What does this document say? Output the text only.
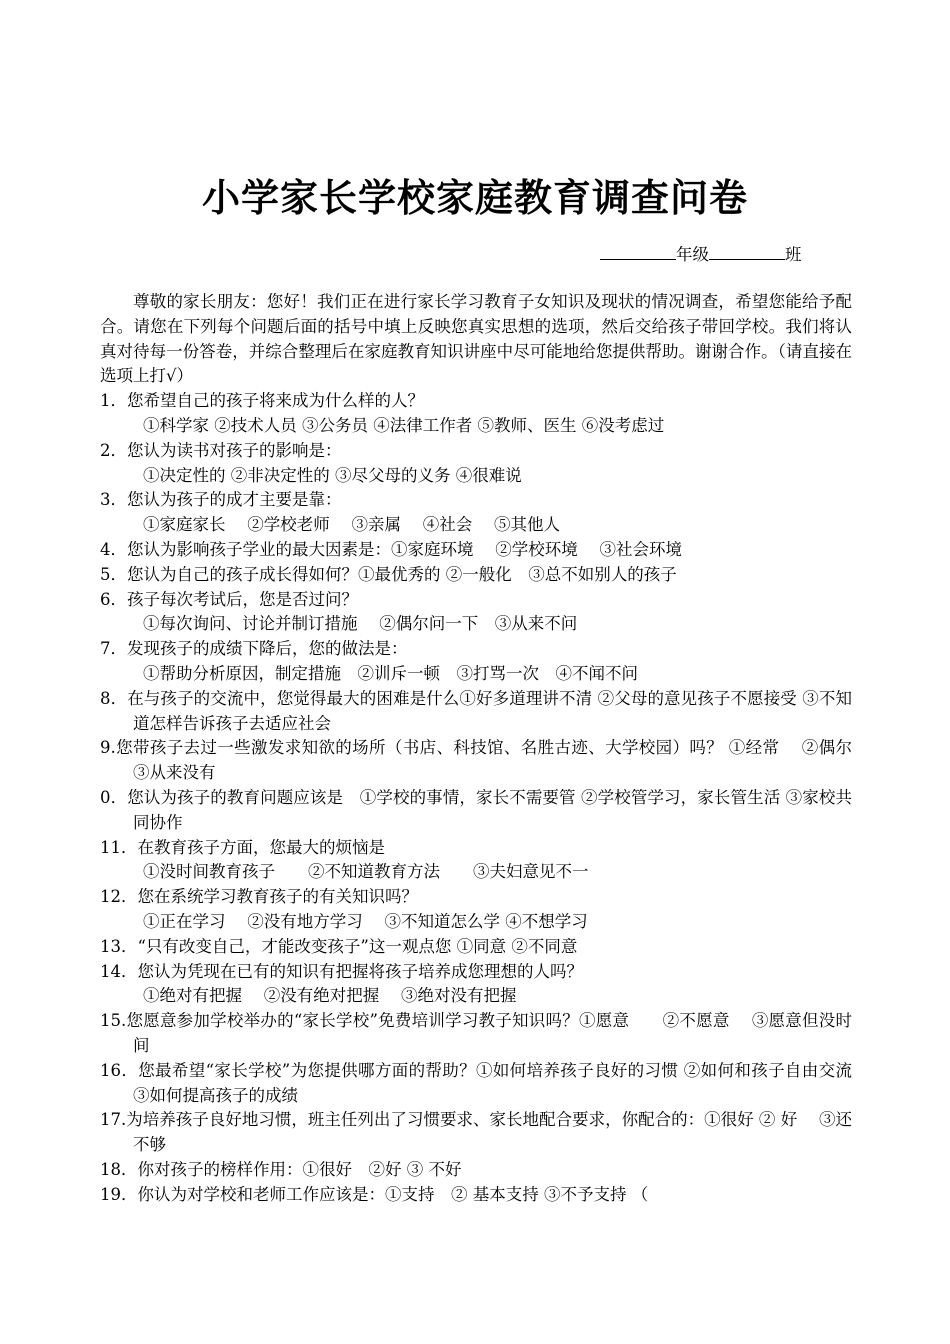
小学家长学校家庭教育调查问卷
年级	班

尊敬的家长朋友：您好！我们正在进行家长学习教育子女知识及现状的情况调查，希望您能给予配合。请您在下列每个问题后面的括号中填上反映您真实思想的选项，然后交给孩子带回学校。我们将认真对待每一份答卷，并综合整理后在家庭教育知识讲座中尽可能地给您提供帮助。谢谢合作。（请直接在选项上打√）

1．您希望自己的孩子将来成为什么样的人？

①科学家 ②技术人员 ③公务员 ④法律工作者 ⑤教师、医生 ⑥没考虑过

2．您认为读书对孩子的影响是：

①决定性的 ②非决定性的 ③尽父母的义务 ④很难说

3．您认为孩子的成才主要是靠：

①家庭家长　 ②学校老师　 ③亲属　 ④社会　 ⑤其他人

4．您认为影响孩子学业的最大因素是：①家庭环境　 ②学校环境　 ③社会环境

5．您认为自己的孩子成长得如何？①最优秀的 ②一般化　③总不如别人的孩子

6．孩子每次考试后，您是否过问？

①每次询问、讨论并制订措施　 ②偶尔问一下　③从来不问

7．发现孩子的成绩下降后，您的做法是：

①帮助分析原因，制定措施　②训斥一顿　③打骂一次　④不闻不问

8．在与孩子的交流中，您觉得最大的困难是什么①好多道理讲不清 ②父母的意见孩子不愿接受 ③不知道怎样告诉孩子去适应社会

9.您带孩子去过一些激发求知欲的场所（书店、科技馆、名胜古迹、大学校园）吗？ ①经常　 ②偶尔　 ③从来没有

0．您认为孩子的教育问题应该是　①学校的事情，家长不需要管 ②学校管学习，家长管生活 ③家校共同协作

11．在教育孩子方面，您最大的烦恼是

①没时间教育孩子　　②不知道教育方法　　③夫妇意见不一

12．您在系统学习教育孩子的有关知识吗？

①正在学习　 ②没有地方学习　 ③不知道怎么学 ④不想学习

13．“只有改变自己，才能改变孩子”这一观点您 ①同意 ②不同意

14．您认为凭现在已有的知识有把握将孩子培养成您理想的人吗？

①绝对有把握　 ②没有绝对把握　 ③绝对没有把握

15.您愿意参加学校举办的“家长学校”免费培训学习教子知识吗？①愿意　　②不愿意　 ③愿意但没时间

16．您最希望“家长学校”为您提供哪方面的帮助？①如何培养孩子良好的习惯 ②如何和孩子自由交流　③如何提高孩子的成绩

17.为培养孩子良好地习惯，班主任列出了习惯要求、家长地配合要求，你配合的：①很好 ② 好　 ③还不够

18．你对孩子的榜样作用：①很好　②好 ③ 不好

19．你认为对学校和老师工作应该是：①支持　② 基本支持 ③不予支持 （
